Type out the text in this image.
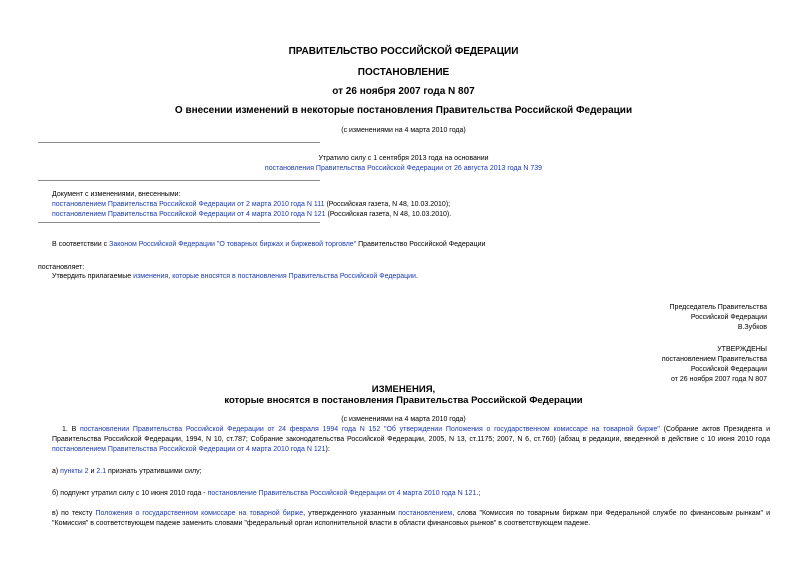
ПРАВИТЕЛЬСТВО РОССИЙСКОЙ ФЕДЕРАЦИИ
ПОСТАНОВЛЕНИЕ
от 26 ноября 2007 года N 807
О внесении изменений в некоторые постановления Правительства Российской Федерации
(с изменениями на 4 марта 2010 года)
Утратило силу с 1 сентября 2013 года на основании
постановления Правительства Российской Федерации от 26 августа 2013 года N 739
Документ с изменениями, внесенными:
постановлением Правительства Российской Федерации от 2 марта 2010 года N 111 (Российская газета, N 48, 10.03.2010);
постановлением Правительства Российской Федерации от 4 марта 2010 года N 121 (Российская газета, N 48, 10.03.2010).
В соответствии с Законом Российской Федерации "О товарных биржах и биржевой торговле" Правительство Российской Федерации
постановляет:
Утвердить прилагаемые изменения, которые вносятся в постановления Правительства Российской Федерации.
Председатель Правительства
Российской Федерации
В.Зубков
УТВЕРЖДЕНЫ
постановлением Правительства
Российской Федерации
от 26 ноября 2007 года N 807
ИЗМЕНЕНИЯ,
которые вносятся в постановления Правительства Российской Федерации
(с изменениями на 4 марта 2010 года)
1. В постановлении Правительства Российской Федерации от 24 февраля 1994 года N 152 "Об утверждении Положения о государственном комиссаре на товарной бирже" (Собрание актов Президента и Правительства Российской Федерации, 1994, N 10, ст.787; Собрание законодательства Российской Федерации, 2005, N 13, ст.1175; 2007, N 6, ст.760) (абзац в редакции, введенной в действие с 10 июня 2010 года постановлением Правительства Российской Федерации от 4 марта 2010 года N 121):
а) пункты 2 и 2.1 признать утратившими силу;
б) подпункт утратил силу с 10 июня 2010 года - постановление Правительства Российской Федерации от 4 марта 2010 года N 121.;
в) по тексту Положения о государственном комиссаре на товарной бирже, утвержденного указанным постановлением, слова "Комиссия по товарным биржам при Федеральной службе по финансовым рынкам" и "Комиссия" в соответствующем падеже заменить словами "федеральный орган исполнительной власти в области финансовых рынков" в соответствующем падеже.
